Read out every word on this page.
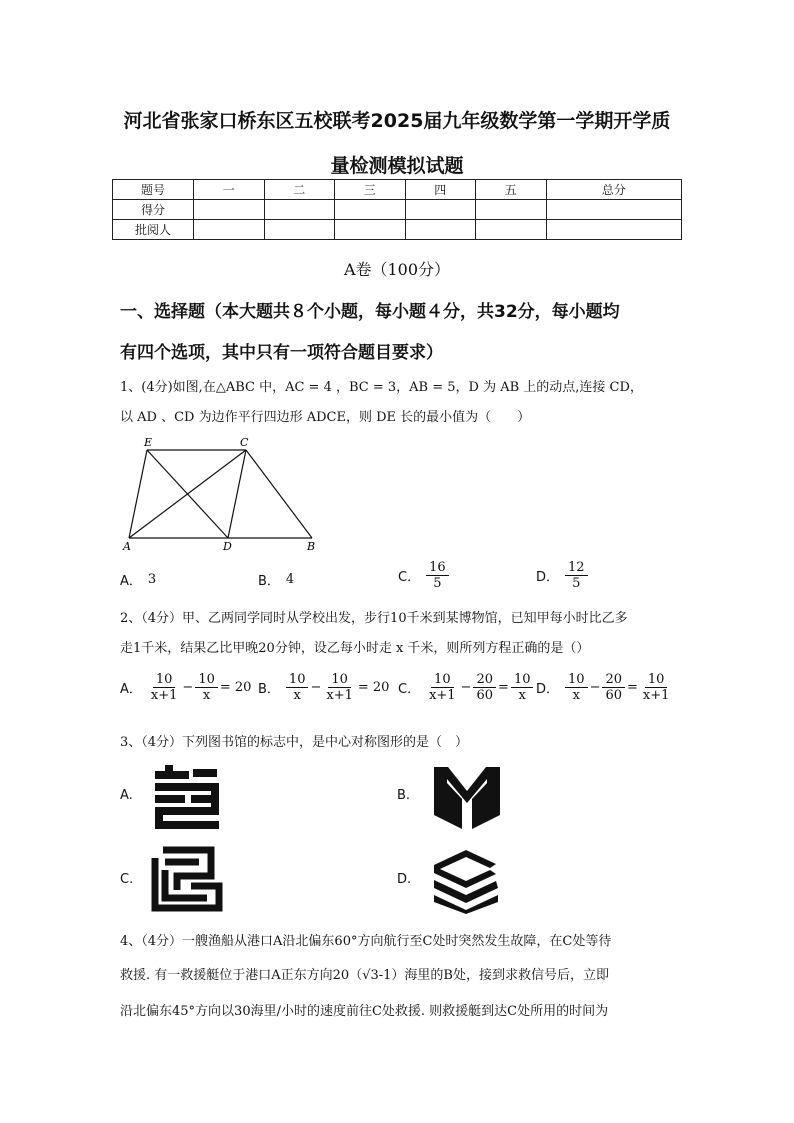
河北省张家口桥东区五校联考2025届九年级数学第一学期开学质
量检测模拟试题
题号	一	二	三	四	五	总分
得分						
批阅人						
A卷（100分）
一、选择题（本大题共８个小题，每小题４分，共32分，每小题均
有四个选项，其中只有一项符合题目要求）
1、(4分)如图,在△ABC 中，AC = 4 ，BC = 3，AB = 5，D 为 AB 上的动点,连接 CD，
以 AD 、CD 为边作平行四边形 ADCE，则 DE 长的最小值为（　　）
E	C
A	D	B
A． 3	B． 4	C． $\frac{16}{5}$	D． $\frac{12}{5}$
2、（4分）甲、乙两同学同时从学校出发，步行10千米到某博物馆，已知甲每小时比乙多
走1千米，结果乙比甲晚20分钟，设乙每小时走 x 千米，则所列方程正确的是（）
A． $\frac{10}{x+1} - \frac{10}{x} = 20$ B． $\frac{10}{x} - \frac{10}{x+1} = 20$ C． $\frac{10}{x+1} - \frac{20}{60} = \frac{10}{x}$ D． $\frac{10}{x} - \frac{20}{60} = \frac{10}{x+1}$
3、（4分）下列图书馆的标志中，是中心对称图形的是（　）
A.	B.
C.	D.
4、（4分）一艘渔船从港口A沿北偏东60°方向航行至C处时突然发生故障，在C处等待
救援. 有一救援艇位于港口A正东方向20（√3-1）海里的B处，接到求救信号后，立即
沿北偏东45°方向以30海里/小时的速度前往C处救援. 则救援艇到达C处所用的时间为
